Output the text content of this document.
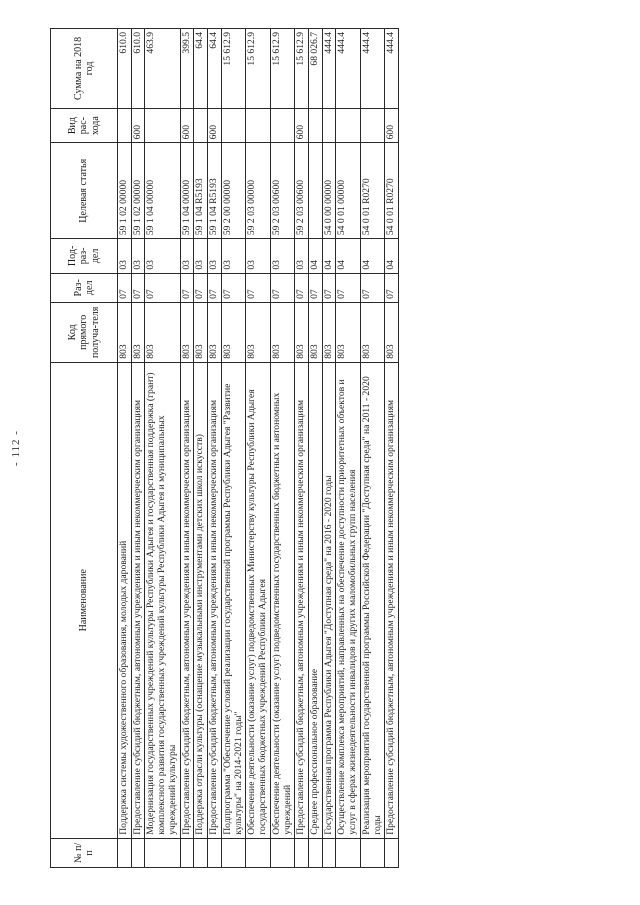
- 112 -
№ п/п	Наименование	Код прямого получа-теля	Раз-дел	Под-раз-дел	Целевая статья	Вид рас-хода	Сумма на 2018 год
	Поддержка системы художественного образования, молодых дарований	803	07	03	59 1 02 00000		610.0
	Предоставление субсидий бюджетным, автономным учреждениям и иным некоммерческим организациям	803	07	03	59 1 02 00000	600	610.0
	Модернизация государственных учреждений культуры Республики Адыгея и государственная поддержка (грант) комплексного развития государственных учреждений культуры Республики Адыгея и муниципальных учреждений культуры	803	07	03	59 1 04 00000		463.9
	Предоставление субсидий бюджетным, автономным учреждениям и иным некоммерческим организациям	803	07	03	59 1 04 00000	600	399.5
	Поддержка отрасли культуры (оснащение музыкальными инструментами детских школ искусств)	803	07	03	59 1 04 R5193		64.4
	Предоставление субсидий бюджетным, автономным учреждениям и иным некоммерческим организациям	803	07	03	59 1 04 R5193	600	64.4
	Подпрограмма "Обеспечение условий реализации государственной программы Республики Адыгея "Развитие культуры" на 2014-2021 годы"	803	07	03	59 2 00 00000		15 612.9
	Обеспечение деятельности (оказание услуг) подведомственных Министерству культуры Республики Адыгея государственных бюджетных учреждений Республики Адыгея	803	07	03	59 2 03 00000		15 612.9
	Обеспечение деятельности (оказание услуг) подведомственных государственных бюджетных и автономных учреждений	803	07	03	59 2 03 00600		15 612.9
	Предоставление субсидий бюджетным, автономным учреждениям и иным некоммерческим организациям	803	07	03	59 2 03 00600	600	15 612.9
	Среднее профессиональное образование	803	07	04			68 026.7
	Государственная программа Республики Адыгея "Доступная среда" на 2016 - 2020 годы	803	07	04	54 0 00 00000		444.4
	Осуществление комплекса мероприятий, направленных на обеспечение доступности приоритетных объектов и услуг в сферах жизнедеятельности инвалидов и других маломобильных групп населения	803	07	04	54 0 01 00000		444.4
	Реализация мероприятий государственной программы Российской Федерации "Доступная среда" на 2011 - 2020 годы	803	07	04	54 0 01 R0270		444.4
	Предоставление субсидий бюджетным, автономным учреждениям и иным некоммерческим организациям	803	07	04	54 0 01 R0270	600	444.4
